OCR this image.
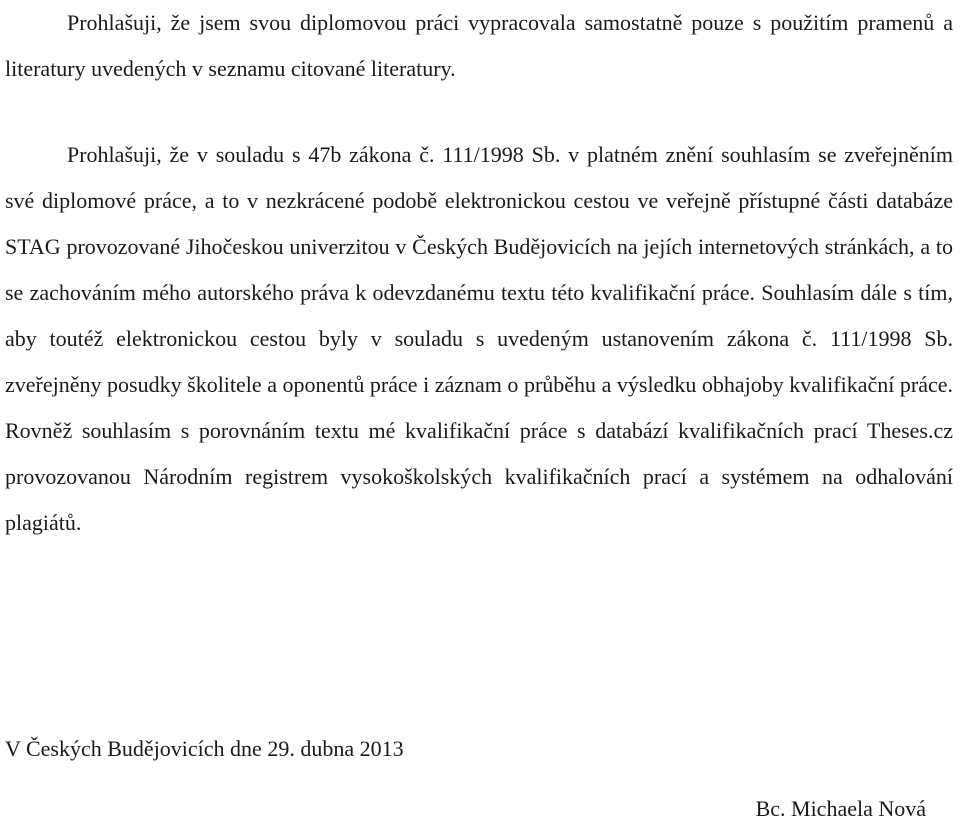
Prohlašuji, že jsem svou diplomovou práci vypracovala samostatně pouze s použitím pramenů a literatury uvedených v seznamu citované literatury.

Prohlašuji, že v souladu s 47b zákona č. 111/1998 Sb. v platném znění souhlasím se zveřejněním své diplomové práce, a to v nezkrácené podobě elektronickou cestou ve veřejně přístupné části databáze STAG provozované Jihočeskou univerzitou v Českých Budějovicích na jejích internetových stránkách, a to se zachováním mého autorského práva k odevzdanému textu této kvalifikační práce. Souhlasím dále s tím, aby toutéž elektronickou cestou byly v souladu s uvedeným ustanovením zákona č. 111/1998 Sb. zveřejněny posudky školitele a oponentů práce i záznam o průběhu a výsledku obhajoby kvalifikační práce. Rovněž souhlasím s porovnáním textu mé kvalifikační práce s databází kvalifikačních prací Theses.cz provozovanou Národním registrem vysokoškolských kvalifikačních prací a systémem na odhalování plagiátů.

V Českých Budějovicích dne 29. dubna 2013

Bc. Michaela Nová
